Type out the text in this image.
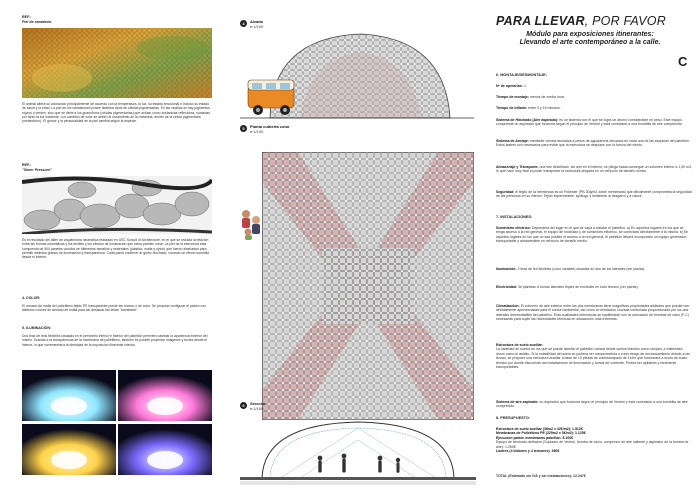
REF.:
Piel de camaleón.

El animal altera su coloración principalmente de acuerdo con la temperatura, la luz, su estado emocional e incluso su estado de salud y la edad. La piel de los camaleones posee distintos tipos de células pigmentarias. En las cepillas se hay pigmentos rojizos o verdes, sino que se debe a los guanóforos (células pigmentarias) que actúan como sustancias reflectoras, sumadas por tanto la luz incidente. Los cambios de color se deben al movimiento de la melanina, dentro de la célula pigmentaria (melanóforo). El grosor y la personalidad de la piel cambia según la especie.

REF.:
"Sheer Pressure"

Es el resultado del taller de arquitectura neumática realizado en USC School of Architecture, en el que se estudia la relación entre las formas neumáticas y los textiles y los efectos de iluminación que éstos pueden crear. La piel de la estructura está compuesta de 500 paneles cosidos de diferentes tamaños y materiales (plástico, malla y nylon) que fueron diseñados para permitir distintos grados de iluminación y transparencia. Cada panel contiene un globo hinchado, creando un efecto bombilla desde el interior.

4. COLOR:

El armado de malla del polietileno tejido PE transparente puede ser blanco o de color. Se propone configurar el patrón con distintos colores de armado de malla para así destacar las letras "transitarte".

5. ILUMINACIÓN:

Dos tiras de leds flexibles situadas en el perímetro inferior e interior del pabellón permiten cambiar la apariencia exterior del mismo. Gracias a la transparencia de la membrana de polietileno, también es posible proyectar imágenes y textos desde el interior, lo que incrementaría la identidad de la exposición itinerante interior.

4	Alzado
e:1/100
5	Planta cubierta color
e:1/100
6	Sección
e:1/100
PARA LLEVAR, POR FAVOR
Módulo para exposiciones itinerantes:
Llevando el arte contemporáneo a la calle.
C
6. MONTAJE/DESMONTAJE:

Nº de operarios: 1.

Tiempo de montaje: menos de media hora.

Tiempo de inflado: entre 3 y 15 minutos.

Sistema de Hinchado (Aire aspirado): es un sistema con el que se logra un ahorro considerable en peso. Este equipo comprende un aspirador que funciona según el principio de Venturi y está conectado a una bombilla de aire comprimido.

Sistema de Anclaje: mediante vientos tensados a pesos de agua/arena ubicados en cada una de las esquinas del pabellón. Estos lastres son necesarios para evitar que la estructura se desplace con la fuerza del viento.

Almacenaje y Transporte: una vez desinflado, sin aire en el interior, se pliega hasta conseguir un volumen inferior a 1,00 m3, lo que hace muy fácil el poder transportar la estructura plegada en un vehículo de tamaño medio.

Seguridad: el tejido de la membrana es un Poliester (PB-30g/m2 doble membrana) que difícilmente comprometa la seguridad de las personas en su interior. Tejido impermeable, ignífugo y resistente al desgarro y a rotura.

7. INSTALACIONES:

Suministro eléctrico: Dependerá del lugar en el que se vaya a instalar el pabellón. a) En aquellos lugares en los que se tenga acceso a la red general, el equipo de hinchado y de suministro eléctrico, se conectará directamente a la misma. b) En aquellos lugares en los que no sea posible el acceso a la red general, el pabellón llevará incorporado un equipo generador, transportable y almacenable en vehículo de tamaño medio.

Iluminación: 2 tiras de led flexibles (color variable) situadas en dos de los laterales (ver planta).

Electricidad: 3e plantean 6 tomas laterales triples de enchufes en todo técnico (ver planta).

Climatización: El volumen de aire exterior entre las dos membranas tiene magnificas propiedades aislantes que pueden ser debidamente aprovechadas para el confort ambiental, así como la ventilación cruzada controlada proporcionada por los dos laterales desmontables del pabellón. Esta cualidades intrínsecas se equilibrarán con la colocación de bombas de calor (F-C) necesarias para suplir las necesidades térmicas en situaciones más extremas.

Estructura de suelo auxiliar:
La variedad de suelos en los que se puede asentar el pabellón variará desde suelos blandos como césped, a materiales duros como el asfalto. Si la estabilidad del suelo se pudiera ver comprometida o crear riesgo de encharcamiento debido a las lluvias, se propone una estructura auxiliar a base de 10 piezas de contrachapado de 1x2m que funcionará a modo de suelo técnico por donde discurrirán las instalaciones de iluminación y tomas de corriente. Podría ser apilables y fácilmente transportables.

Sistema de aire aspirado: un aspirador que funciona según el principio de Venturi y está conectado a una bombilla de aire comprimido.

8. PRESUPUESTO:
Estructura de suelo auxiliar (36m2 x 42€/m2): 1.512€
Membranas de Polietileno PE (225m2 x 5€/m2): 1.125€
Ejecución patrón membranas pabellón: 8.100€
Equipo de hinchado-deflación (Soplador de Venturi, bomba de vacío, compresor de aire caliente y aspirador de la bomba de aire): 1.250€
Lastres (4 bidones y 4 tensores): 360€
TOTAL (Estimado sin IVA y sin instalaciones): 12.347€
